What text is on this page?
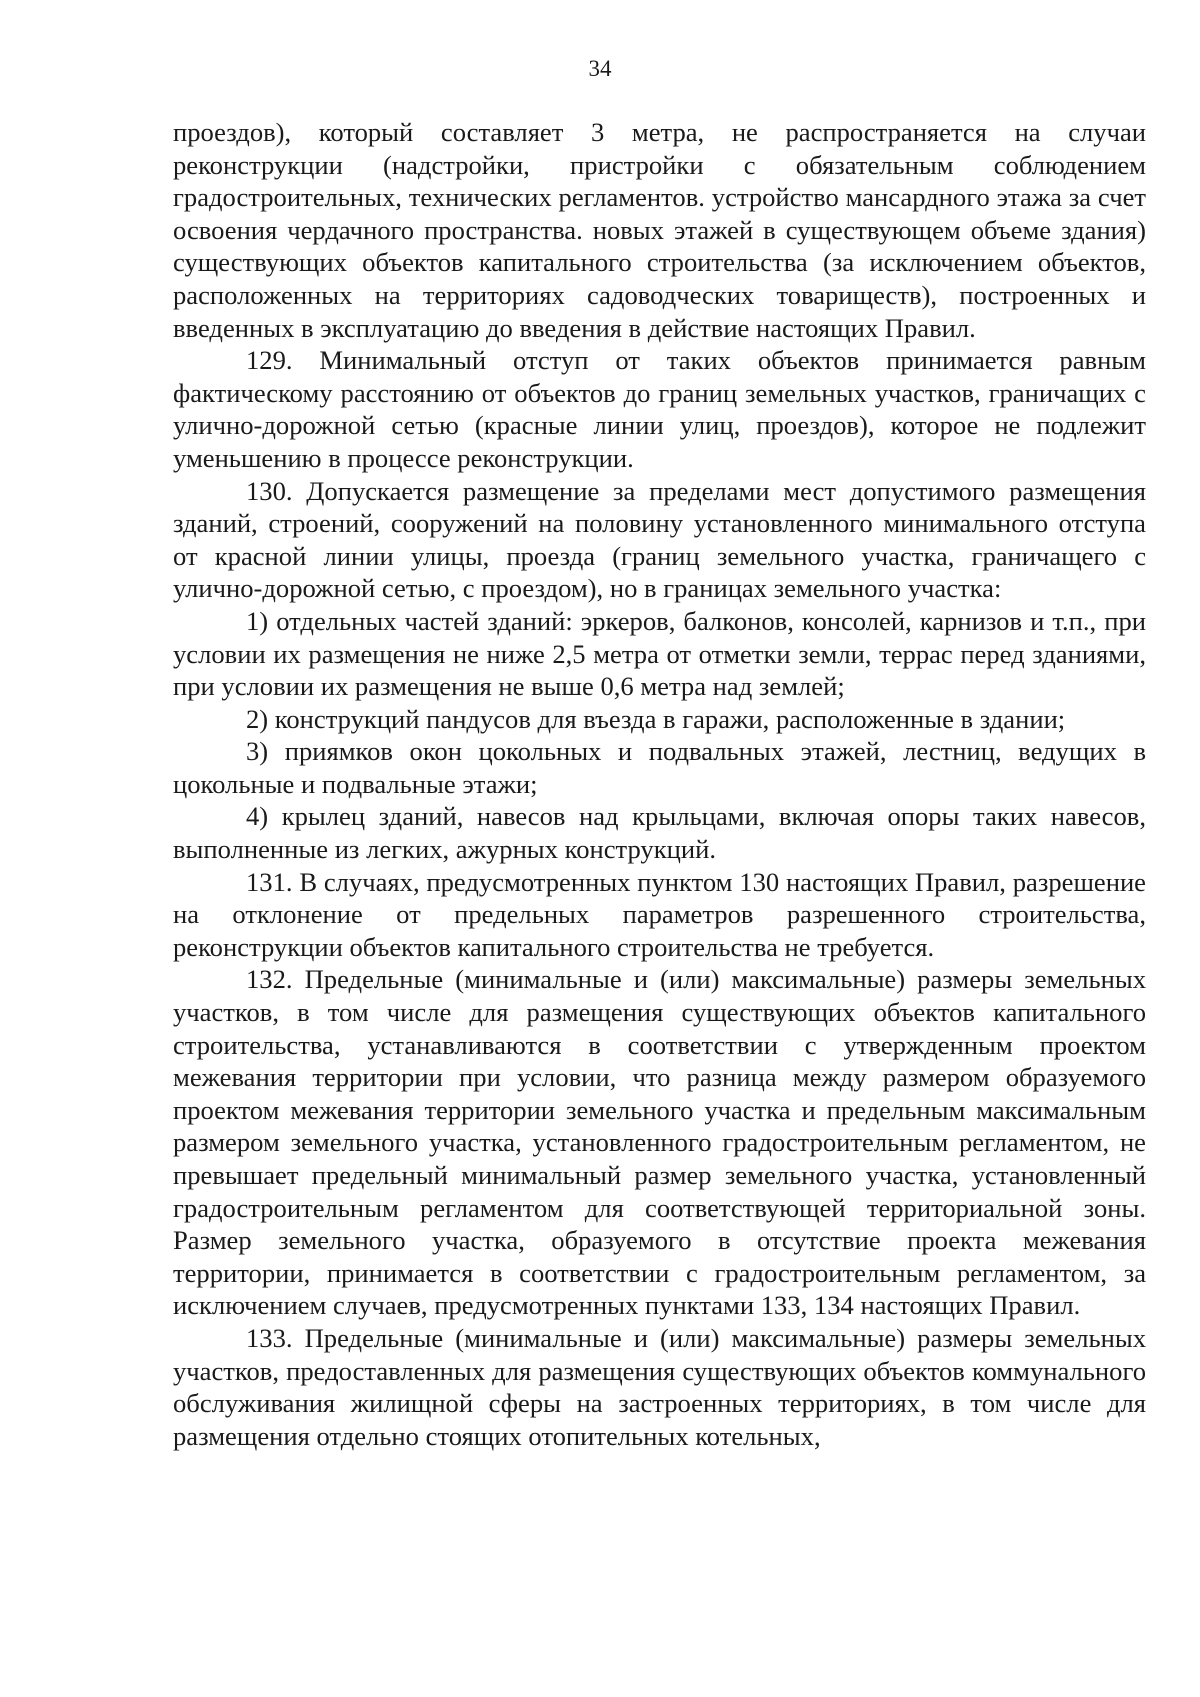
34

проездов), который составляет 3 метра, не распространяется на случаи реконструкции (надстройки, пристройки с обязательным соблюдением градостроительных, технических регламентов. устройство мансардного этажа за счет освоения чердачного пространства. новых этажей в существующем объеме здания) существующих объектов капитального строительства (за исключением объектов, расположенных на территориях садоводческих товариществ), построенных и введенных в эксплуатацию до введения в действие настоящих Правил.

129. Минимальный отступ от таких объектов принимается равным фактическому расстоянию от объектов до границ земельных участков, граничащих с улично-дорожной сетью (красные линии улиц, проездов), которое не подлежит уменьшению в процессе реконструкции.

130. Допускается размещение за пределами мест допустимого размещения зданий, строений, сооружений на половину установленного минимального отступа от красной линии улицы, проезда (границ земельного участка, граничащего с улично-дорожной сетью, с проездом), но в границах земельного участка:

1) отдельных частей зданий: эркеров, балконов, консолей, карнизов и т.п., при условии их размещения не ниже 2,5 метра от отметки земли, террас перед зданиями, при условии их размещения не выше 0,6 метра над землей;

2) конструкций пандусов для въезда в гаражи, расположенные в здании;

3) приямков окон цокольных и подвальных этажей, лестниц, ведущих в цокольные и подвальные этажи;

4) крылец зданий, навесов над крыльцами, включая опоры таких навесов, выполненные из легких, ажурных конструкций.

131. В случаях, предусмотренных пунктом 130 настоящих Правил, разрешение на отклонение от предельных параметров разрешенного строительства, реконструкции объектов капитального строительства не требуется.

132. Предельные (минимальные и (или) максимальные) размеры земельных участков, в том числе для размещения существующих объектов капитального строительства, устанавливаются в соответствии с утвержденным проектом межевания территории при условии, что разница между размером образуемого проектом межевания территории земельного участка и предельным максимальным размером земельного участка, установленного градостроительным регламентом, не превышает предельный минимальный размер земельного участка, установленный градостроительным регламентом для соответствующей территориальной зоны. Размер земельного участка, образуемого в отсутствие проекта межевания территории, принимается в соответствии с градостроительным регламентом, за исключением случаев, предусмотренных пунктами 133, 134 настоящих Правил.

133. Предельные (минимальные и (или) максимальные) размеры земельных участков, предоставленных для размещения существующих объектов коммунального обслуживания жилищной сферы на застроенных территориях, в том числе для размещения отдельно стоящих отопительных котельных,
